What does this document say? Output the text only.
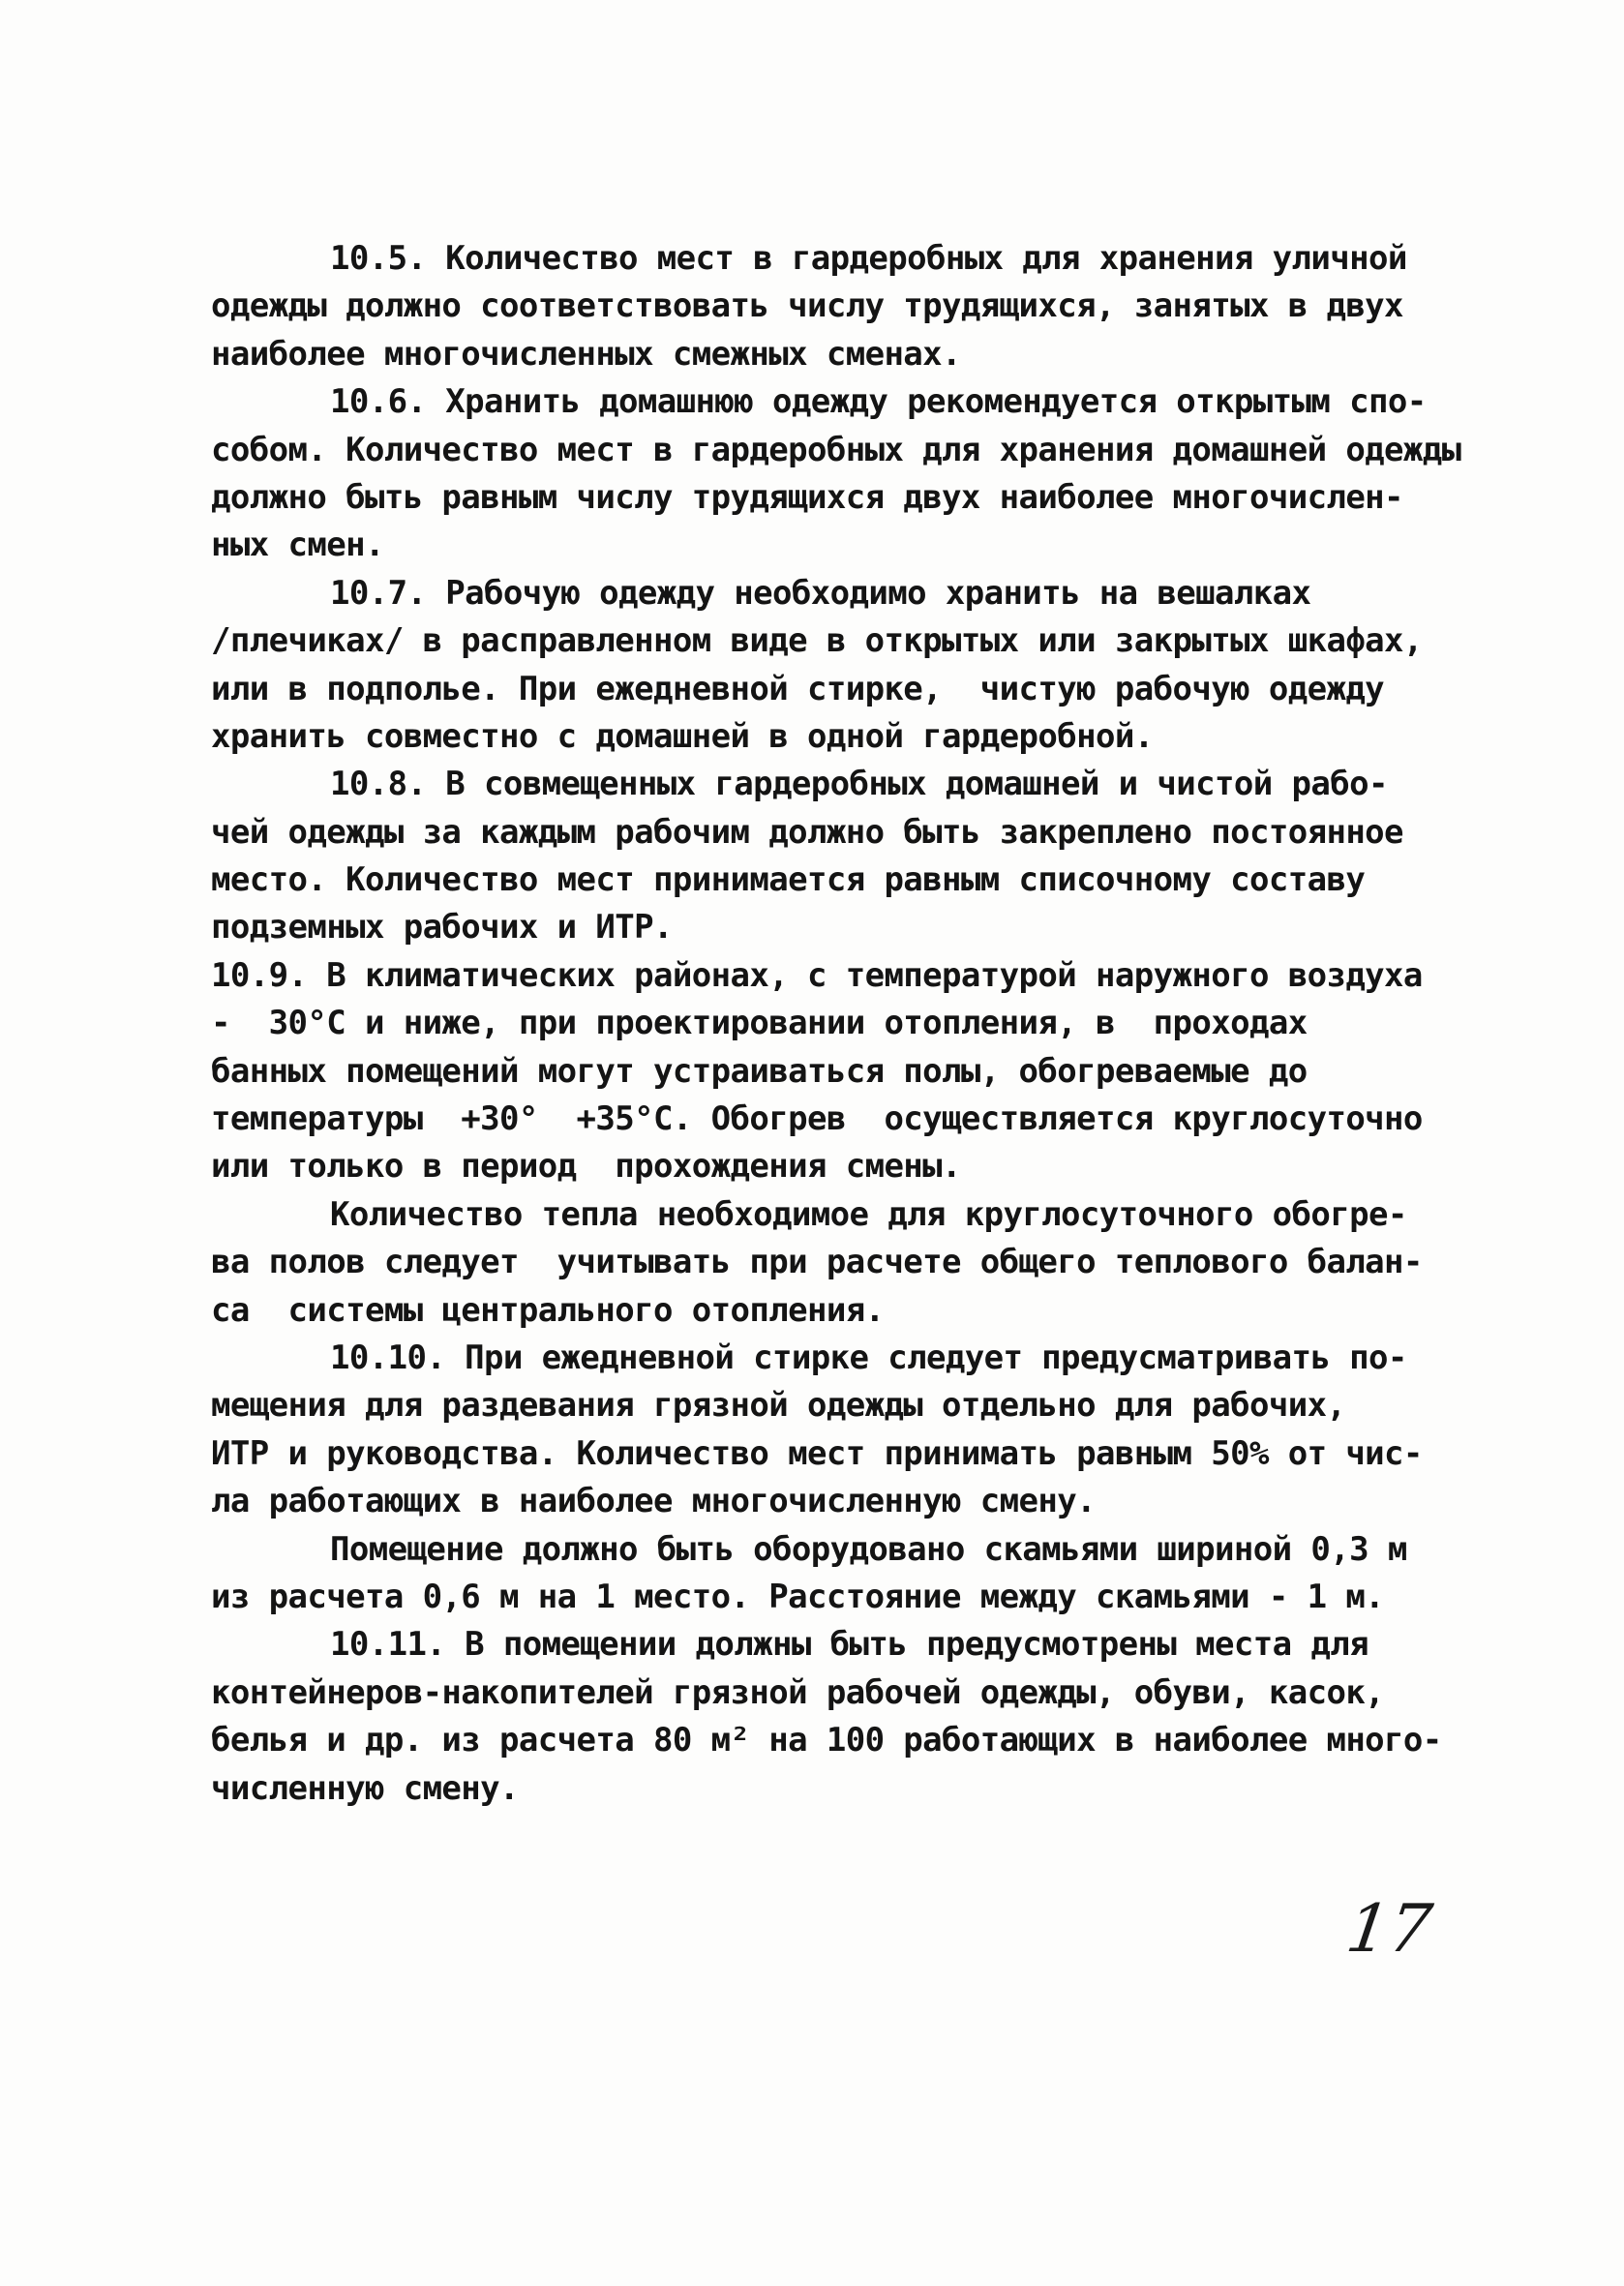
10.5. Количество мест в гардеробных для хранения уличной
одежды должно соответствовать числу трудящихся, занятых в двух
наиболее многочисленных смежных сменах.
10.6. Хранить домашнюю одежду рекомендуется открытым спо-
собом. Количество мест в гардеробных для хранения домашней одежды
должно быть равным числу трудящихся двух наиболее многочислен-
ных смен.
10.7. Рабочую одежду необходимо хранить на вешалках
/плечиках/ в расправленном виде в открытых или закрытых шкафах,
или в подполье. При ежедневной стирке,  чистую рабочую одежду
хранить совместно с домашней в одной гардеробной.
10.8. В совмещенных гардеробных домашней и чистой рабо-
чей одежды за каждым рабочим должно быть закреплено постоянное
место. Количество мест принимается равным списочному составу
подземных рабочих и ИТР.
10.9. В климатических районах, с температурой наружного воздуха
-  30°С и ниже, при проектировании отопления, в  проходах
банных помещений могут устраиваться полы, обогреваемые до
температуры  +30°  +35°С. Обогрев  осуществляется круглосуточно
или только в период  прохождения смены.
Количество тепла необходимое для круглосуточного обогре-
ва полов следует  учитывать при расчете общего теплового балан-
са  системы центрального отопления.
10.10. При ежедневной стирке следует предусматривать по-
мещения для раздевания грязной одежды отдельно для рабочих,
ИТР и руководства. Количество мест принимать равным 50% от чис-
ла работающих в наиболее многочисленную смену.
Помещение должно быть оборудовано скамьями шириной 0,3 м
из расчета 0,6 м на 1 место. Расстояние между скамьями - 1 м.
10.11. В помещении должны быть предусмотрены места для
контейнеров-накопителей грязной рабочей одежды, обуви, касок,
белья и др. из расчета 80 м² на 100 работающих в наиболее много-
численную смену.
17
